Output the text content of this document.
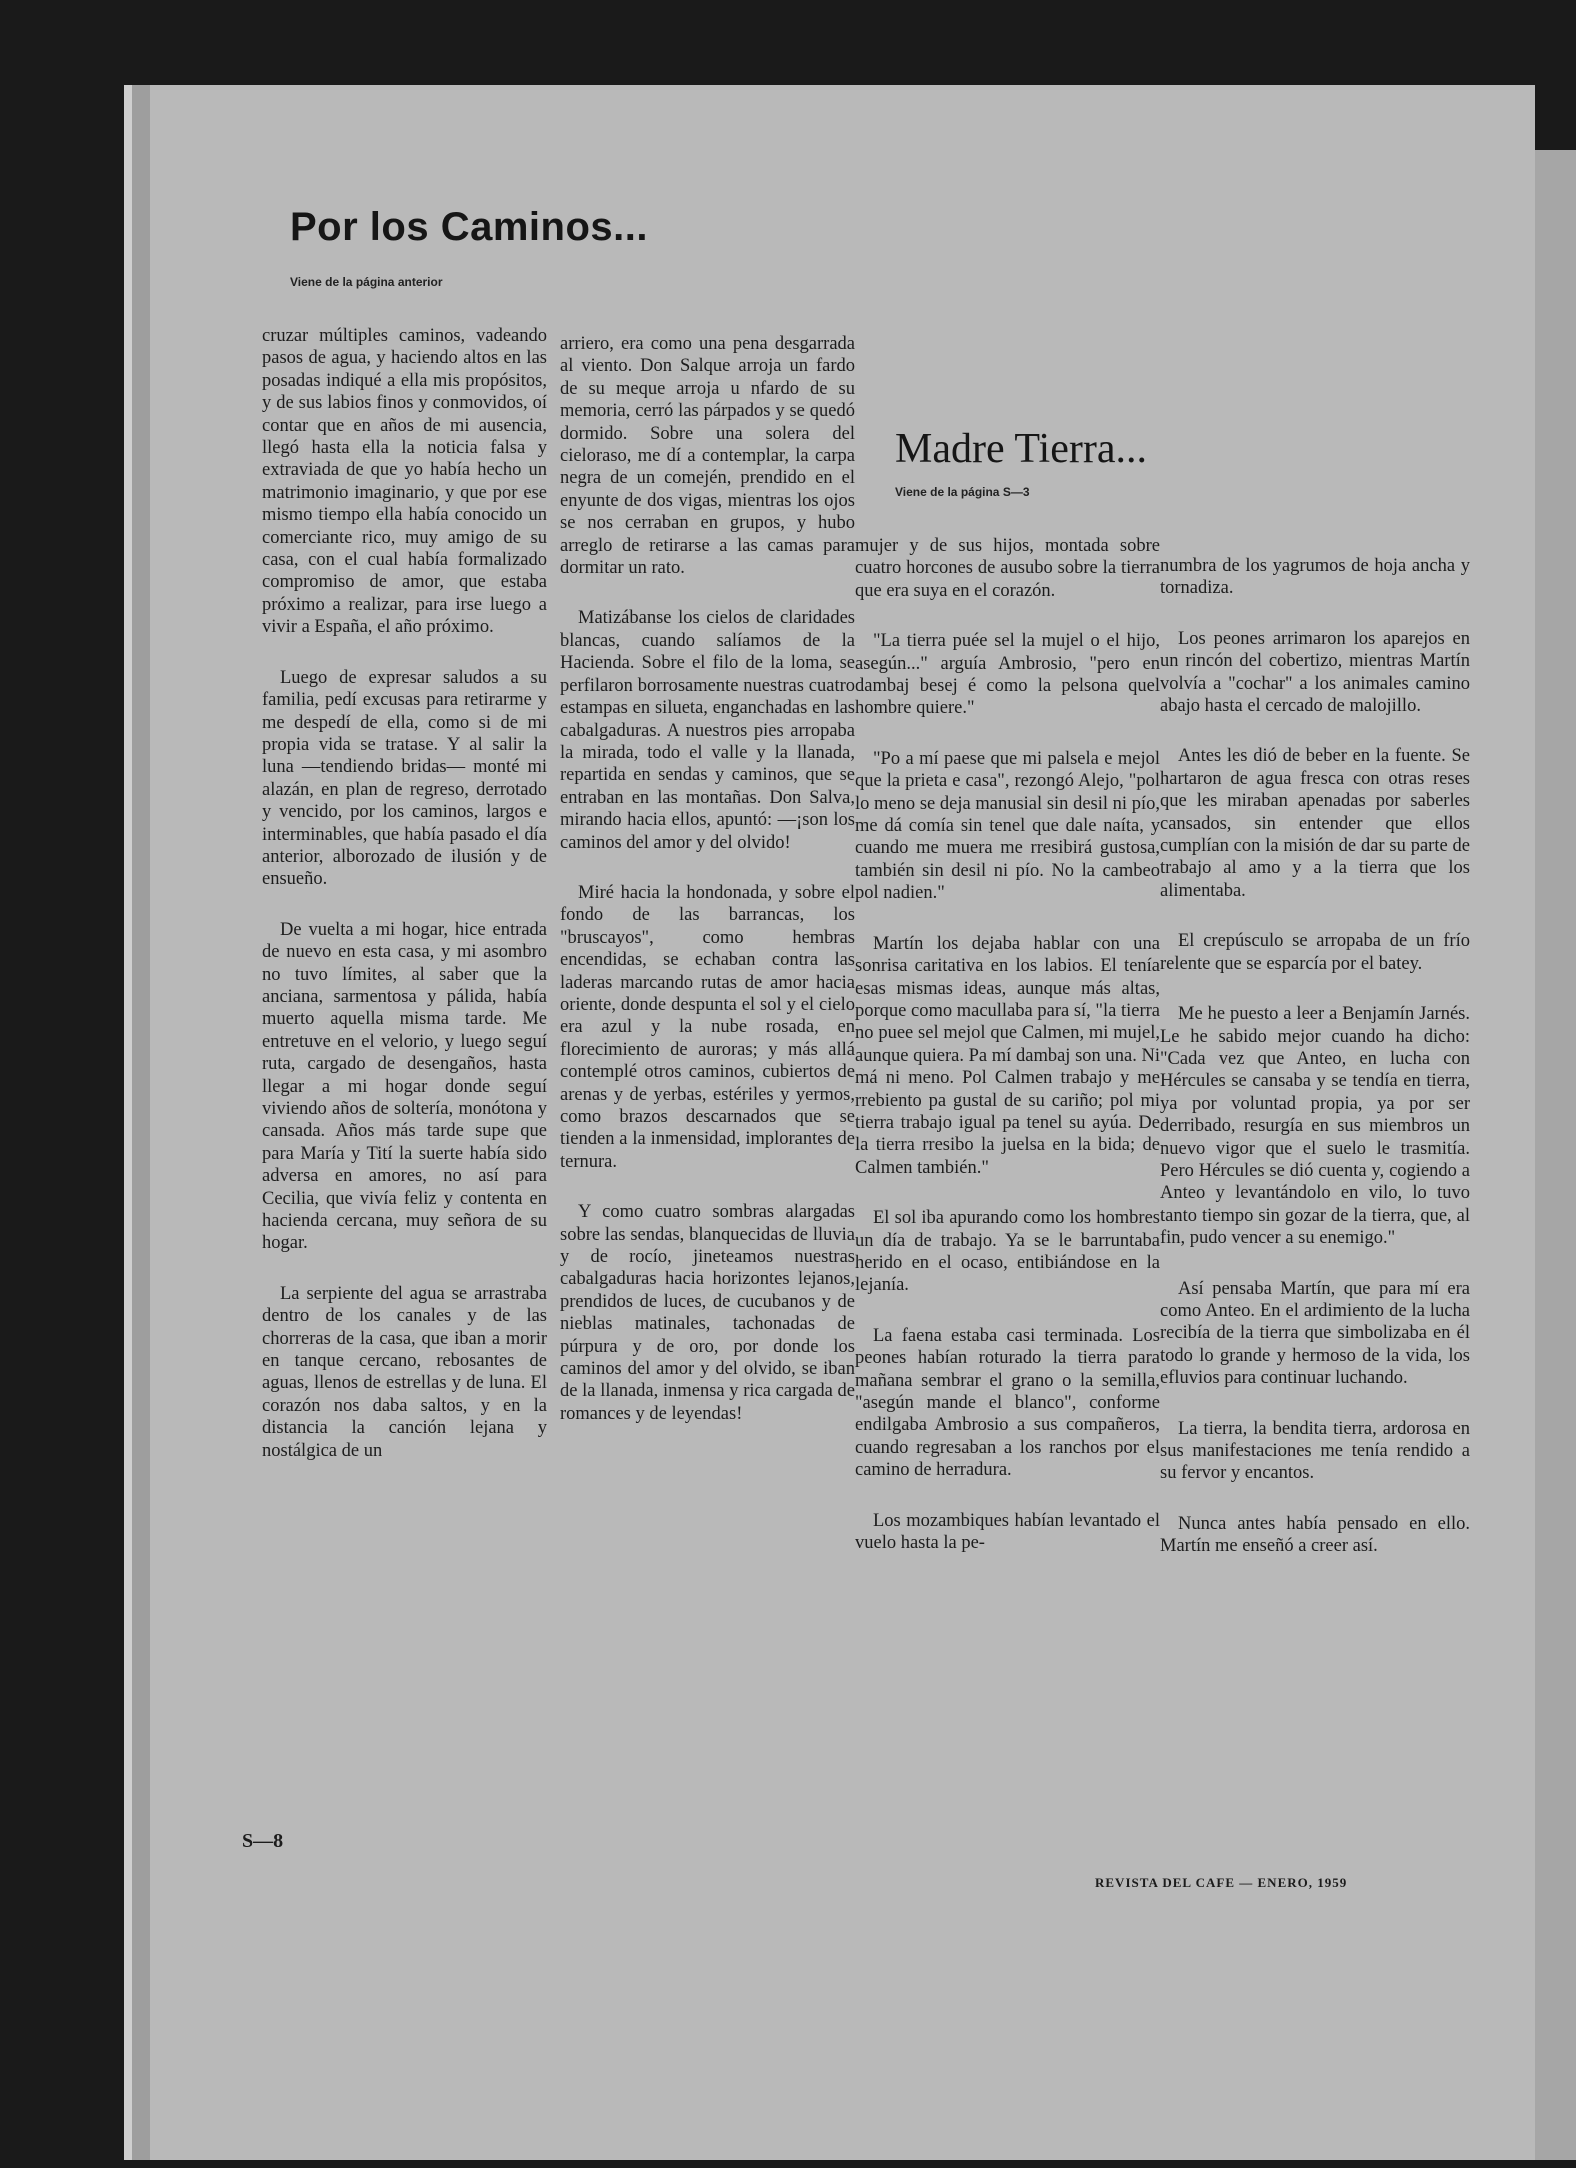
Por los Caminos...
Viene de la página anterior

cruzar múltiples caminos, vadeando pasos de agua, y haciendo altos en las posadas indiqué a ella mis propósitos, y de sus labios finos y conmovidos, oí contar que en años de mi ausencia, llegó hasta ella la noticia falsa y extraviada de que yo había hecho un matrimonio imaginario, y que por ese mismo tiempo ella había conocido un comerciante rico, muy amigo de su casa, con el cual había formalizado compromiso de amor, que estaba próximo a realizar, para irse luego a vivir a España, el año próximo.

Luego de expresar saludos a su familia, pedí excusas para retirarme y me despedí de ella, como si de mi propia vida se tratase. Y al salir la luna —tendiendo bridas— monté mi alazán, en plan de regreso, derrotado y vencido, por los caminos, largos e interminables, que había pasado el día anterior, alborozado de ilusión y de ensueño.

De vuelta a mi hogar, hice entrada de nuevo en esta casa, y mi asombro no tuvo límites, al saber que la anciana, sarmentosa y pálida, había muerto aquella misma tarde. Me entretuve en el velorio, y luego seguí ruta, cargado de desengaños, hasta llegar a mi hogar donde seguí viviendo años de soltería, monótona y cansada. Años más tarde supe que para María y Tití la suerte había sido adversa en amores, no así para Cecilia, que vivía feliz y contenta en hacienda cercana, muy señora de su hogar.

La serpiente del agua se arrastraba dentro de los canales y de las chorreras de la casa, que iban a morir en tanque cercano, rebosantes de aguas, llenos de estrellas y de luna. El corazón nos daba saltos, y en la distancia la canción lejana y nostálgica de un

arriero, era como una pena desgarrada al viento. Don Salque arroja un fardo de su meque arroja u nfardo de su memoria, cerró las párpados y se quedó dormido. Sobre una solera del cieloraso, me dí a contemplar, la carpa negra de un comején, prendido en el enyunte de dos vigas, mientras los ojos se nos cerraban en grupos, y hubo arreglo de retirarse a las camas para dormitar un rato.

Matizábanse los cielos de claridades blancas, cuando salíamos de la Hacienda. Sobre el filo de la loma, se perfilaron borrosamente nuestras cuatro estampas en silueta, enganchadas en las cabalgaduras. A nuestros pies arropaba la mirada, todo el valle y la llanada, repartida en sendas y caminos, que se entraban en las montañas. Don Salva, mirando hacia ellos, apuntó: —¡son los caminos del amor y del olvido!

Miré hacia la hondonada, y sobre el fondo de las barrancas, los "bruscayos", como hembras encendidas, se echaban contra las laderas marcando rutas de amor hacia oriente, donde despunta el sol y el cielo era azul y la nube rosada, en florecimiento de auroras; y más allá contemplé otros caminos, cubiertos de arenas y de yerbas, estériles y yermos, como brazos descarnados que se tienden a la inmensidad, implorantes de ternura.

Y como cuatro sombras alargadas sobre las sendas, blanquecidas de lluvia y de rocío, jineteamos nuestras cabalgaduras hacia horizontes lejanos, prendidos de luces, de cucubanos y de nieblas matinales, tachonadas de púrpura y de oro, por donde los caminos del amor y del olvido, se iban de la llanada, inmensa y rica cargada de romances y de leyendas!

Madre Tierra...
Viene de la página S—3

mujer y de sus hijos, montada sobre cuatro horcones de ausubo sobre la tierra que era suya en el corazón.

"La tierra puée sel la mujel o el hijo, asegún..." arguía Ambrosio, "pero en dambaj besej é como la pelsona quel hombre quiere."

"Po a mí paese que mi palsela e mejol que la prieta e casa", rezongó Alejo, "pol lo meno se deja manusial sin desil ni pío, me dá comía sin tenel que dale naíta, y cuando me muera me rresibirá gustosa, también sin desil ni pío. No la cambeo pol nadien."

Martín los dejaba hablar con una sonrisa caritativa en los labios. El tenía esas mismas ideas, aunque más altas, porque como macullaba para sí, "la tierra no puee sel mejol que Calmen, mi mujel, aunque quiera. Pa mí dambaj son una. Ni má ni meno. Pol Calmen trabajo y me rrebiento pa gustal de su cariño; pol mi tierra trabajo igual pa tenel su ayúa. De la tierra rresibo la juelsa en la bida; de Calmen también."

El sol iba apurando como los hombres un día de trabajo. Ya se le barruntaba herido en el ocaso, entibiándose en la lejanía.

La faena estaba casi terminada. Los peones habían roturado la tierra para mañana sembrar el grano o la semilla, "asegún mande el blanco", conforme endilgaba Ambrosio a sus compañeros, cuando regresaban a los ranchos por el camino de herradura.

Los mozambiques habían levantado el vuelo hasta la pe-

numbra de los yagrumos de hoja ancha y tornadiza.

Los peones arrimaron los aparejos en un rincón del cobertizo, mientras Martín volvía a "cochar" a los animales camino abajo hasta el cercado de malojillo.

Antes les dió de beber en la fuente. Se hartaron de agua fresca con otras reses que les miraban apenadas por saberles cansados, sin entender que ellos cumplían con la misión de dar su parte de trabajo al amo y a la tierra que los alimentaba.

El crepúsculo se arropaba de un frío relente que se esparcía por el batey.

Me he puesto a leer a Benjamín Jarnés. Le he sabido mejor cuando ha dicho: "Cada vez que Anteo, en lucha con Hércules se cansaba y se tendía en tierra, ya por voluntad propia, ya por ser derribado, resurgía en sus miembros un nuevo vigor que el suelo le trasmitía. Pero Hércules se dió cuenta y, cogiendo a Anteo y levantándolo en vilo, lo tuvo tanto tiempo sin gozar de la tierra, que, al fin, pudo vencer a su enemigo."

Así pensaba Martín, que para mí era como Anteo. En el ardimiento de la lucha recibía de la tierra que simbolizaba en él todo lo grande y hermoso de la vida, los efluvios para continuar luchando.

La tierra, la bendita tierra, ardorosa en sus manifestaciones me tenía rendido a su fervor y encantos.

Nunca antes había pensado en ello. Martín me enseñó a creer así.

S—8
REVISTA DEL CAFE — ENERO, 1959
